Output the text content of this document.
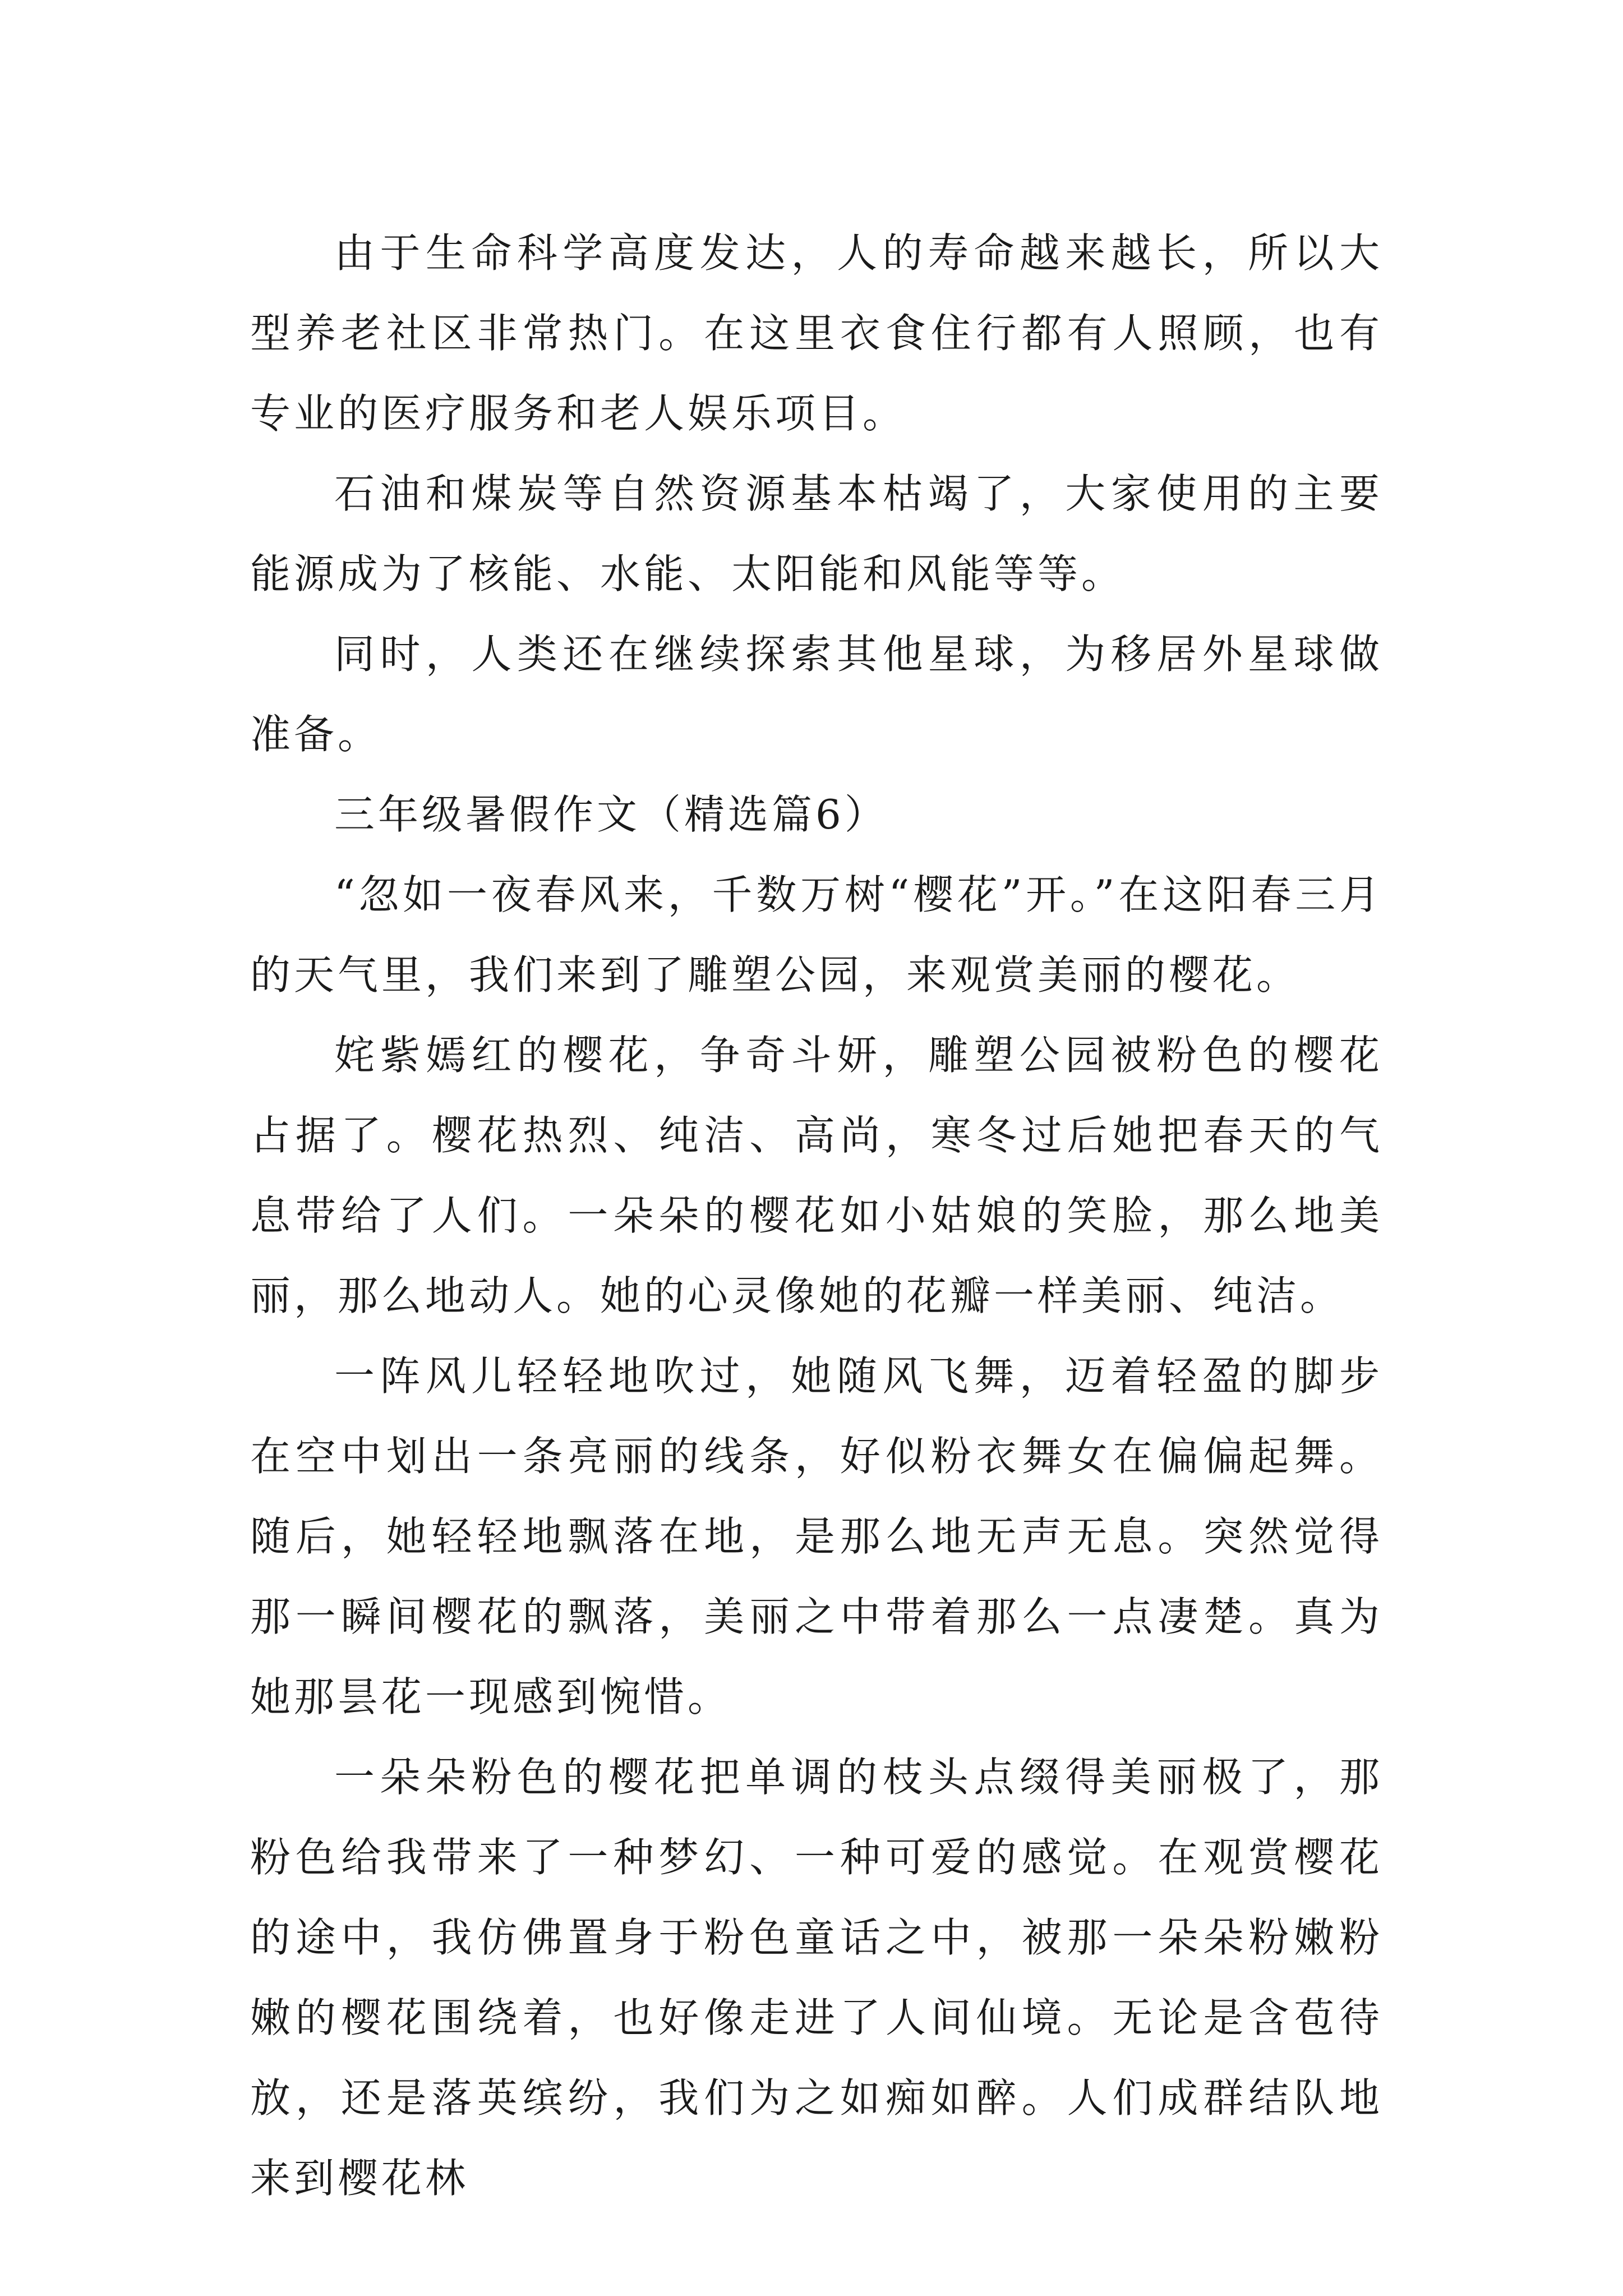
由于生命科学高度发达，人的寿命越来越长，所以大型养老社区非常热门。在这里衣食住行都有人照顾，也有专业的医疗服务和老人娱乐项目。

石油和煤炭等自然资源基本枯竭了，大家使用的主要能源成为了核能、水能、太阳能和风能等等。

同时，人类还在继续探索其他星球，为移居外星球做准备。

三年级暑假作文（精选篇6）

“忽如一夜春风来，千数万树“樱花”开。”在这阳春三月的天气里，我们来到了雕塑公园，来观赏美丽的樱花。

姹紫嫣红的樱花，争奇斗妍，雕塑公园被粉色的樱花占据了。樱花热烈、纯洁、高尚，寒冬过后她把春天的气息带给了人们。一朵朵的樱花如小姑娘的笑脸，那么地美丽，那么地动人。她的心灵像她的花瓣一样美丽、纯洁。

一阵风儿轻轻地吹过，她随风飞舞，迈着轻盈的脚步在空中划出一条亮丽的线条，好似粉衣舞女在偏偏起舞。随后，她轻轻地飘落在地，是那么地无声无息。突然觉得那一瞬间樱花的飘落，美丽之中带着那么一点凄楚。真为她那昙花一现感到惋惜。

一朵朵粉色的樱花把单调的枝头点缀得美丽极了，那粉色给我带来了一种梦幻、一种可爱的感觉。在观赏樱花的途中，我仿佛置身于粉色童话之中，被那一朵朵粉嫩粉嫩的樱花围绕着，也好像走进了人间仙境。无论是含苞待放，还是落英缤纷，我们为之如痴如醉。人们成群结队地来到樱花林
